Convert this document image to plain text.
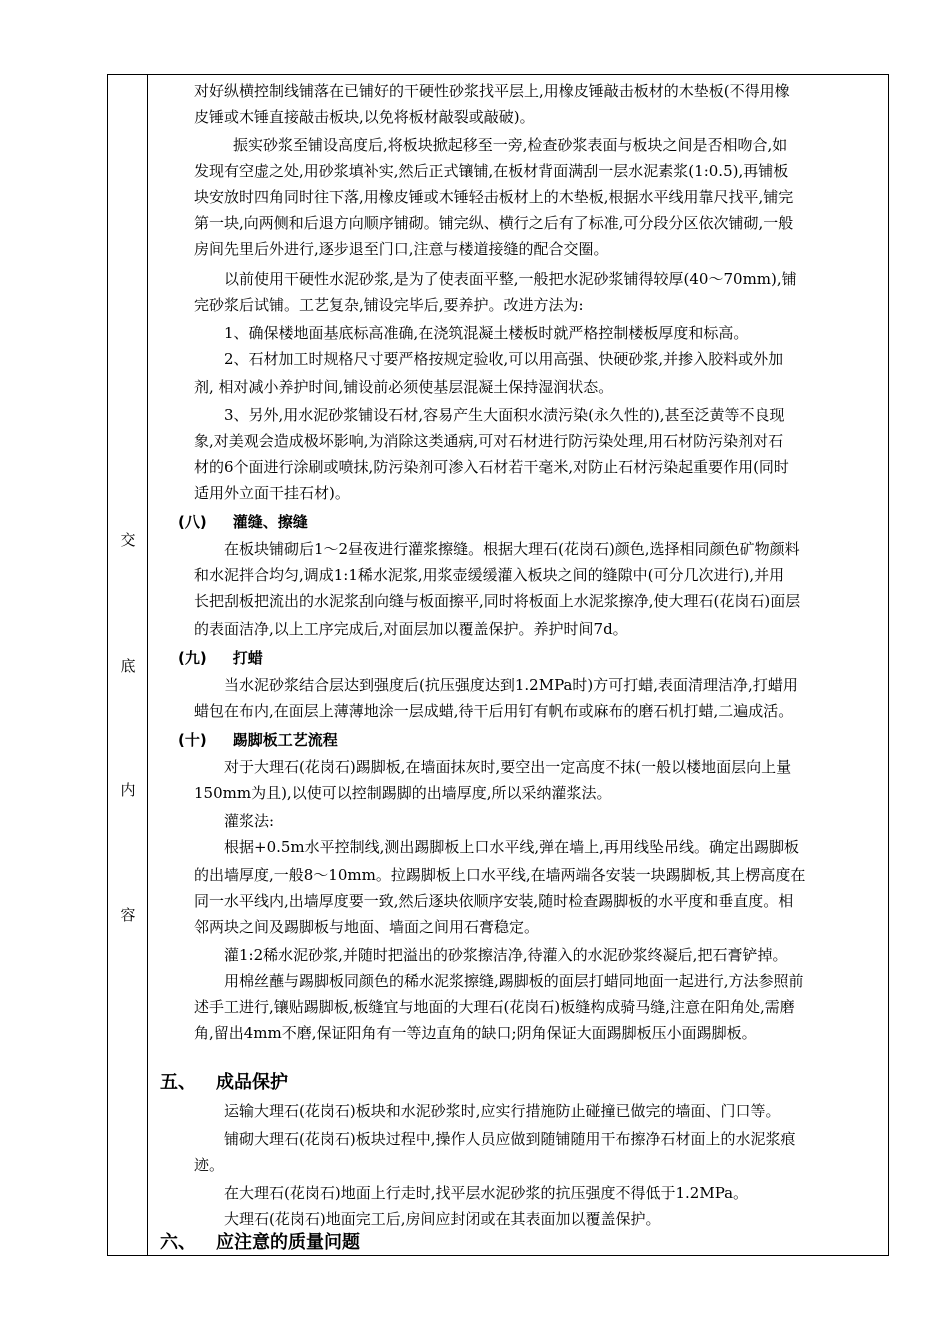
交
底
内
容
对好纵横控制线铺落在已铺好的干硬性砂浆找平层上,用橡皮锤敲击板材的木垫板(不得用橡
皮锤或木锤直接敲击板块,以免将板材敲裂或敲破)。
振实砂浆至铺设高度后,将板块掀起移至一旁,检查砂浆表面与板块之间是否相吻合,如
发现有空虚之处,用砂浆填补实,然后正式镶铺,在板材背面满刮一层水泥素浆(1:0.5),再铺板
块安放时四角同时往下落,用橡皮锤或木锤轻击板材上的木垫板,根据水平线用靠尺找平,铺完
第一块,向两侧和后退方向顺序铺砌。铺完纵、横行之后有了标准,可分段分区依次铺砌,一般
房间先里后外进行,逐步退至门口,注意与楼道接缝的配合交圈。
以前使用干硬性水泥砂浆,是为了使表面平整,一般把水泥砂浆铺得较厚(40～70mm),铺
完砂浆后试铺。工艺复杂,铺设完毕后,要养护。改进方法为:
1、确保楼地面基底标高准确,在浇筑混凝土楼板时就严格控制楼板厚度和标高。
2、石材加工时规格尺寸要严格按规定验收,可以用高强、快硬砂浆,并掺入胶料或外加
剂, 相对减小养护时间,铺设前必须使基层混凝土保持湿润状态。
3、另外,用水泥砂浆铺设石材,容易产生大面积水渍污染(永久性的),甚至泛黄等不良现
象,对美观会造成极坏影响,为消除这类通病,可对石材进行防污染处理,用石材防污染剂对石
材的6个面进行涂刷或喷抹,防污染剂可渗入石材若干毫米,对防止石材污染起重要作用(同时
适用外立面干挂石材)。
(八) 灌缝、擦缝
在板块铺砌后1～2昼夜进行灌浆擦缝。根据大理石(花岗石)颜色,选择相同颜色矿物颜料
和水泥拌合均匀,调成1:1稀水泥浆,用浆壶缓缓灌入板块之间的缝隙中(可分几次进行),并用
长把刮板把流出的水泥浆刮向缝与板面擦平,同时将板面上水泥浆擦净,使大理石(花岗石)面层
的表面洁净,以上工序完成后,对面层加以覆盖保护。养护时间7d。
(九) 打蜡
当水泥砂浆结合层达到强度后(抗压强度达到1.2MPa时)方可打蜡,表面清理洁净,打蜡用
蜡包在布内,在面层上薄薄地涂一层成蜡,待干后用钉有帆布或麻布的磨石机打蜡,二遍成活。
(十) 踢脚板工艺流程
对于大理石(花岗石)踢脚板,在墙面抹灰时,要空出一定高度不抹(一般以楼地面层向上量
150mm为且),以使可以控制踢脚的出墙厚度,所以采纳灌浆法。
灌浆法:
根据+0.5m水平控制线,测出踢脚板上口水平线,弹在墙上,再用线坠吊线。确定出踢脚板
的出墙厚度,一般8～10mm。拉踢脚板上口水平线,在墙两端各安装一块踢脚板,其上楞高度在
同一水平线内,出墙厚度要一致,然后逐块依顺序安装,随时检查踢脚板的水平度和垂直度。相
邻两块之间及踢脚板与地面、墙面之间用石膏稳定。
灌1:2稀水泥砂浆,并随时把溢出的砂浆擦洁净,待灌入的水泥砂浆终凝后,把石膏铲掉。
用棉丝蘸与踢脚板同颜色的稀水泥浆擦缝,踢脚板的面层打蜡同地面一起进行,方法参照前
述手工进行,镶贴踢脚板,板缝宜与地面的大理石(花岗石)板缝构成骑马缝,注意在阳角处,需磨
角,留出4mm不磨,保证阳角有一等边直角的缺口;阴角保证大面踢脚板压小面踢脚板。
五、 成品保护
运输大理石(花岗石)板块和水泥砂浆时,应实行措施防止碰撞已做完的墙面、门口等。
铺砌大理石(花岗石)板块过程中,操作人员应做到随铺随用干布擦净石材面上的水泥浆痕
迹。
在大理石(花岗石)地面上行走时,找平层水泥砂浆的抗压强度不得低于1.2MPa。
大理石(花岗石)地面完工后,房间应封闭或在其表面加以覆盖保护。
六、 应注意的质量问题
